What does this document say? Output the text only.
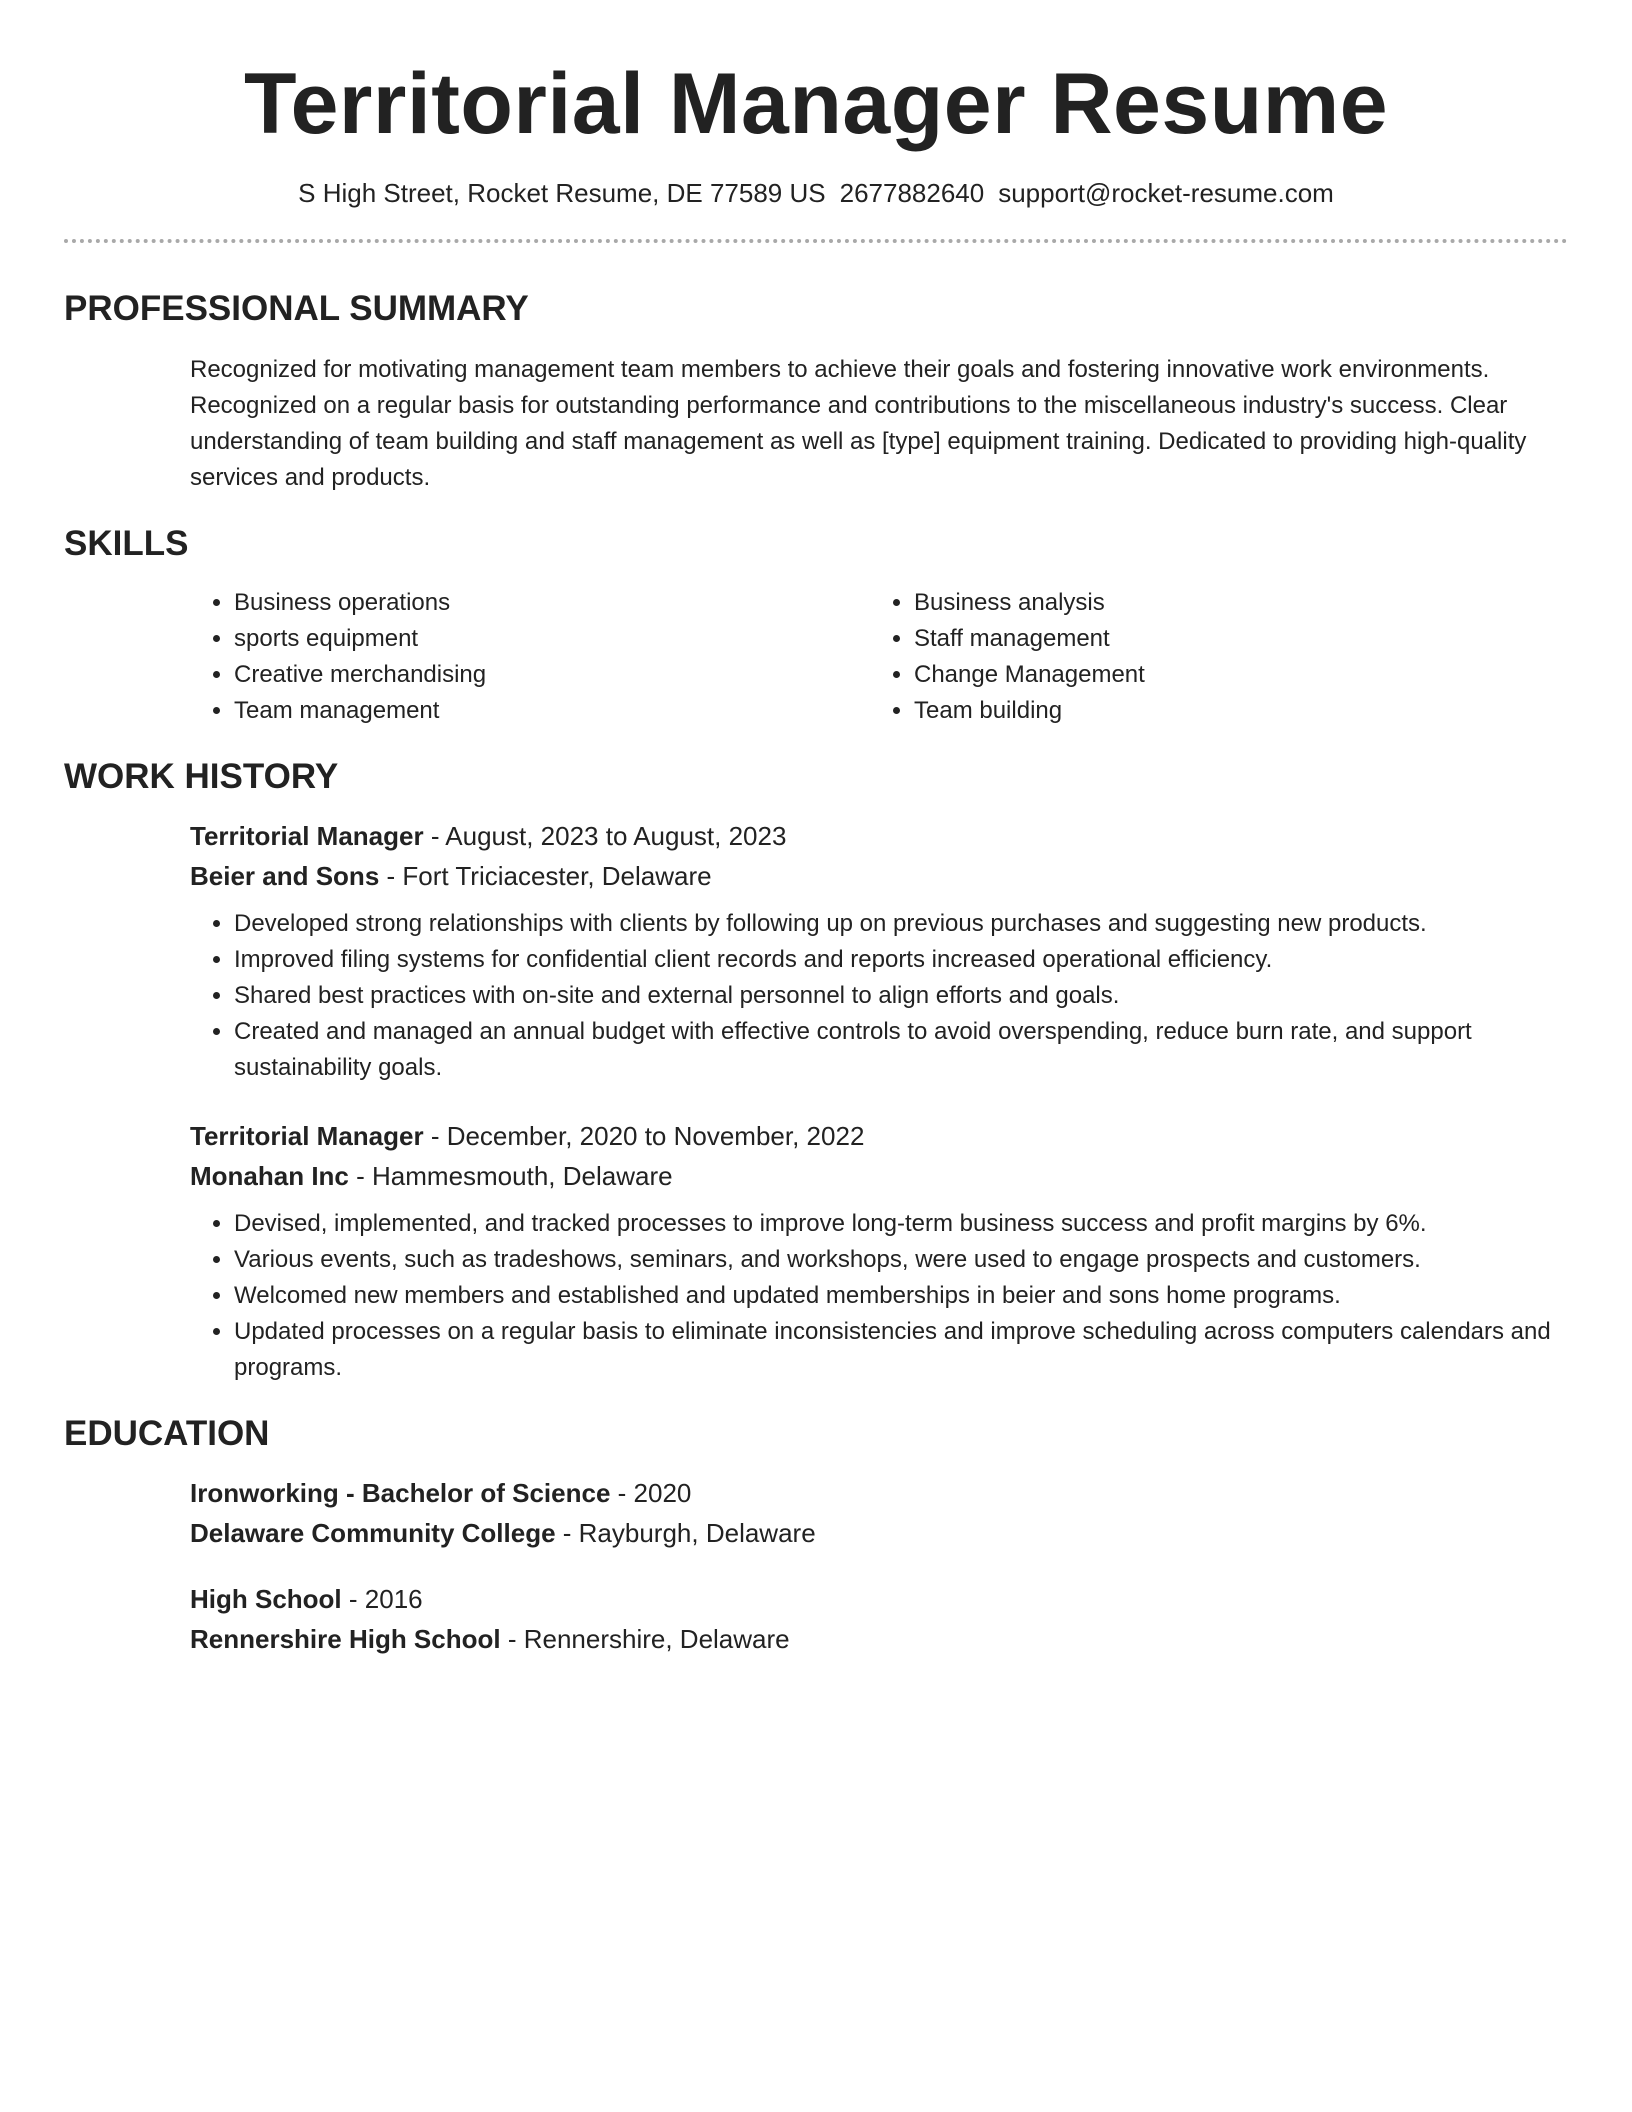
Territorial Manager Resume
S High Street, Rocket Resume, DE 77589 US 2677882640 support@rocket-resume.com
PROFESSIONAL SUMMARY
Recognized for motivating management team members to achieve their goals and fostering innovative work environments. Recognized on a regular basis for outstanding performance and contributions to the miscellaneous industry's success. Clear understanding of team building and staff management as well as [type] equipment training. Dedicated to providing high-quality services and products.
SKILLS
• Business operations
• sports equipment
• Creative merchandising
• Team management
• Business analysis
• Staff management
• Change Management
• Team building
WORK HISTORY
Territorial Manager - August, 2023 to August, 2023
Beier and Sons - Fort Triciacester, Delaware
• Developed strong relationships with clients by following up on previous purchases and suggesting new products.
• Improved filing systems for confidential client records and reports increased operational efficiency.
• Shared best practices with on-site and external personnel to align efforts and goals.
• Created and managed an annual budget with effective controls to avoid overspending, reduce burn rate, and support sustainability goals.
Territorial Manager - December, 2020 to November, 2022
Monahan Inc - Hammesmouth, Delaware
• Devised, implemented, and tracked processes to improve long-term business success and profit margins by 6%.
• Various events, such as tradeshows, seminars, and workshops, were used to engage prospects and customers.
• Welcomed new members and established and updated memberships in beier and sons home programs.
• Updated processes on a regular basis to eliminate inconsistencies and improve scheduling across computers calendars and programs.
EDUCATION
Ironworking - Bachelor of Science - 2020
Delaware Community College - Rayburgh, Delaware
High School - 2016
Rennershire High School - Rennershire, Delaware
